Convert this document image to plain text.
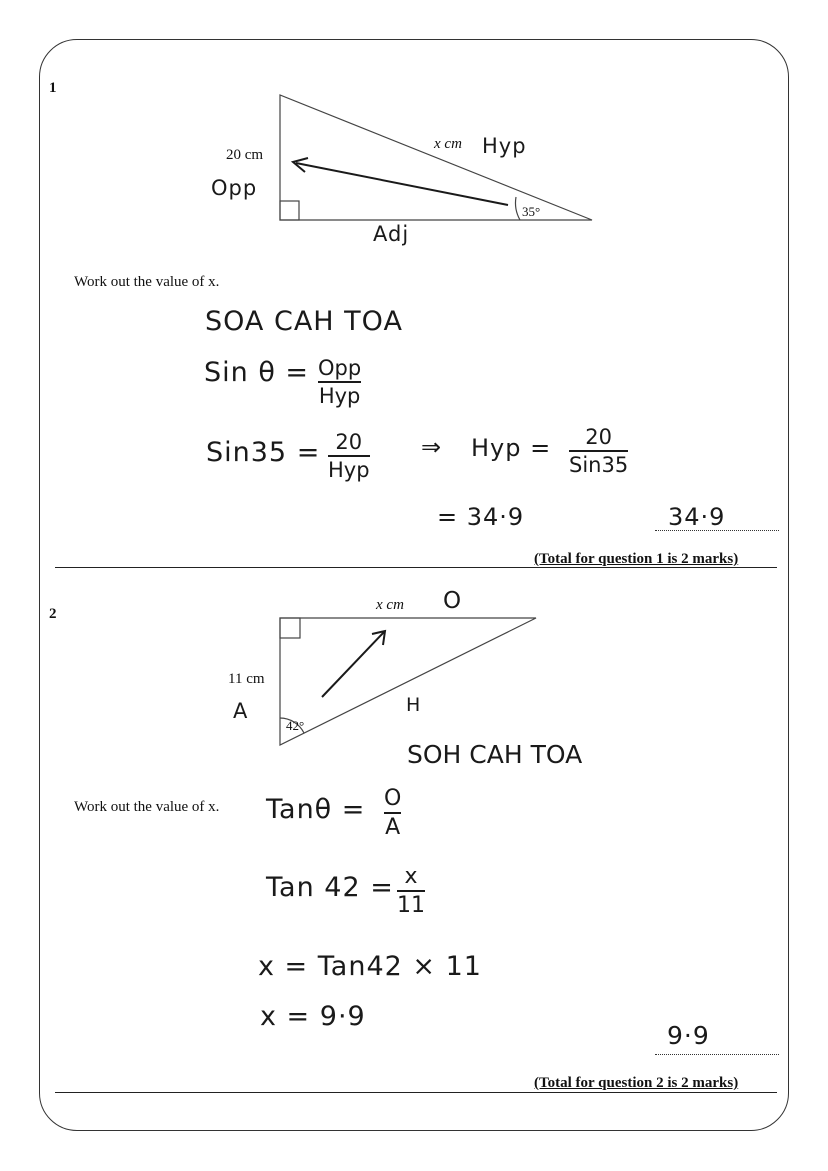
1
20 cm
x cm
35°
Hyp
Opp
Adj
Work out the value of x.
SOA CAH TOA
Sin θ = Opp
Hyp
Sin35 = 20
Hyp
⇒ Hyp = 20
Sin35
= 34·9	34·9
(Total for question 1 is 2 marks)
2
x cm O
11 cm
A	H
42°
SOH CAH TOA
Work out the value of x. Tanθ = O
A
Tan 42 = x
11
x = Tan42 × 11
x = 9·9
9·9
(Total for question 2 is 2 marks)
